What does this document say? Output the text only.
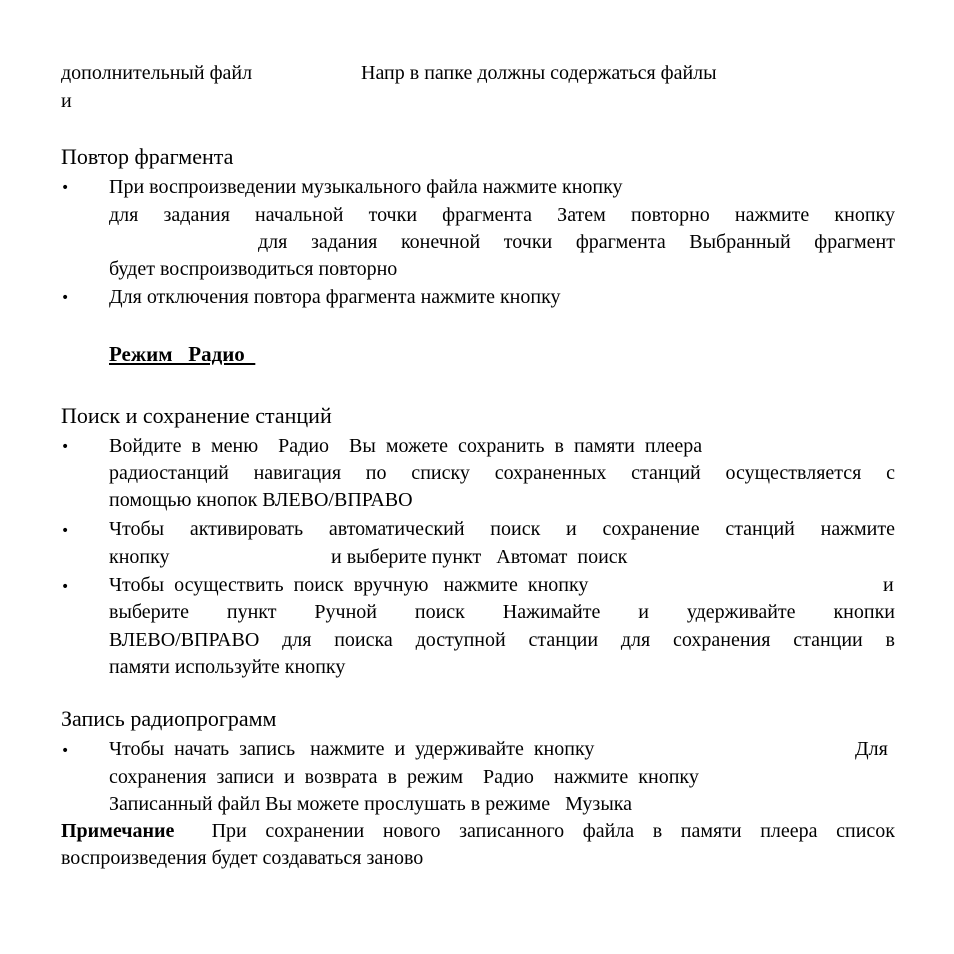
дополнительный файл
и
Напр в папке должны содержаться файлы
Повтор фрагмента
• При воспроизведении музыкального файла нажмите кнопку
для задания начальной точки фрагмента Затем повторно нажмите кнопку
для задания конечной точки фрагмента Выбранный фрагмент
будет воспроизводиться повторно
• Для отключения повтора фрагмента нажмите кнопку
Режим   Радио
Поиск и сохранение станций
• Войдите  в  меню    Радио    Вы  можете  сохранить  в  памяти  плеера
радиостанций навигация по списку сохраненных станций осуществляется с
помощью кнопок ВЛЕВО/ВПРАВО
• Чтобы активировать автоматический поиск и сохранение станций нажмите
кнопку	и выберите пункт   Автомат  поиск
• Чтобы  осуществить  поиск  вручную   нажмите  кнопку	и
выберите пункт Ручной поиск Нажимайте и удерживайте кнопки
ВЛЕВО/ВПРАВО для поиска доступной станции для сохранения станции в
памяти используйте кнопку
Запись радиопрограмм
• Чтобы  начать  запись   нажмите  и  удерживайте  кнопку	Для
сохранения  записи  и  возврата  в  режим    Радио    нажмите  кнопку
Записанный файл Вы можете прослушать в режиме   Музыка
Примечание  При сохранении нового записанного файла в памяти плеера список
воспроизведения будет создаваться заново
